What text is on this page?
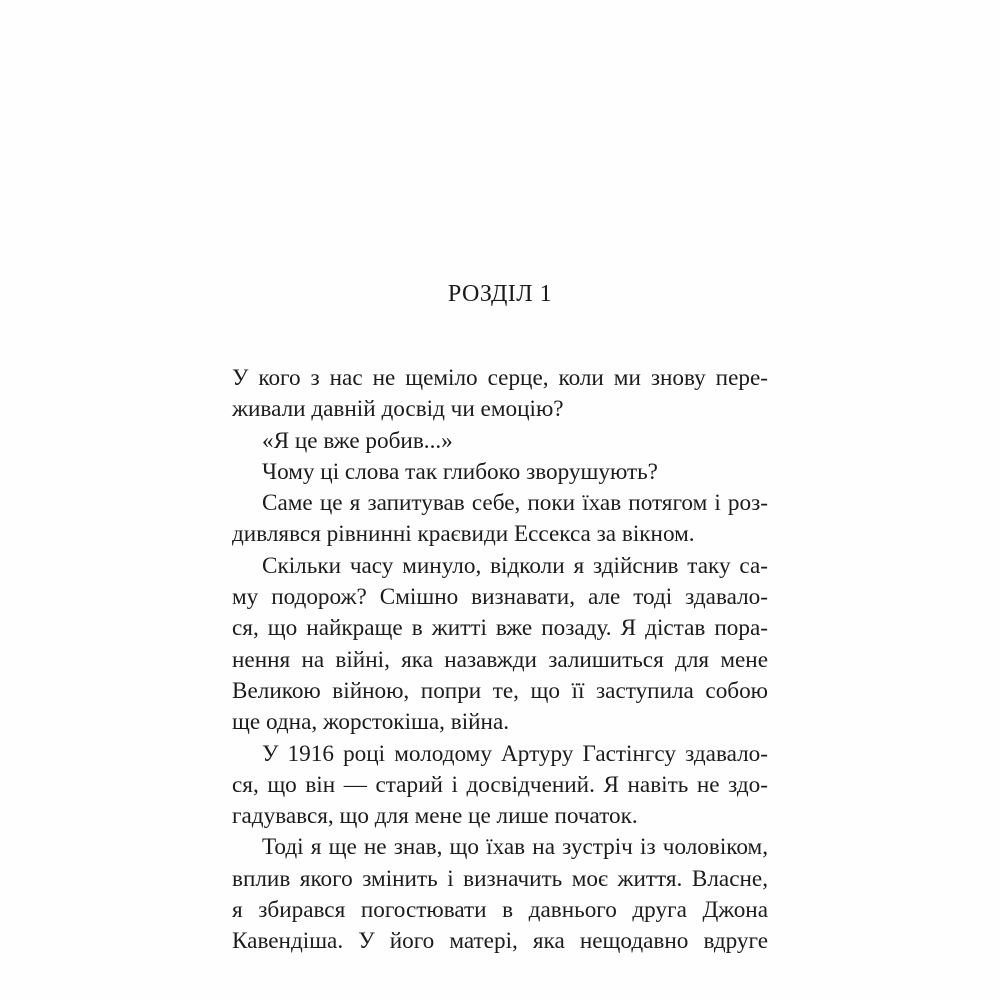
РОЗДІЛ 1
У кого з нас не щеміло серце, коли ми знову пере-
живали давній досвід чи емоцію?
«Я це вже робив...»
Чому ці слова так глибоко зворушують?
Саме це я запитував себе, поки їхав потягом і роз-
дивлявся рівнинні краєвиди Ессекса за вікном.
Скільки часу минуло, відколи я здійснив таку са-
му подорож? Смішно визнавати, але тоді здавало-
ся, що найкраще в житті вже позаду. Я дістав пора-
нення на війні, яка назавжди залишиться для мене
Великою війною, попри те, що її заступила собою
ще одна, жорстокіша, війна.
У 1916 році молодому Артуру Гастінгсу здавало-
ся, що він — старий і досвідчений. Я навіть не здо-
гадувався, що для мене це лише початок.
Тоді я ще не знав, що їхав на зустріч із чоловіком,
вплив якого змінить і визначить моє життя. Власне,
я збирався погостювати в давнього друга Джона
Кавендіша. У його матері, яка нещодавно вдруге
